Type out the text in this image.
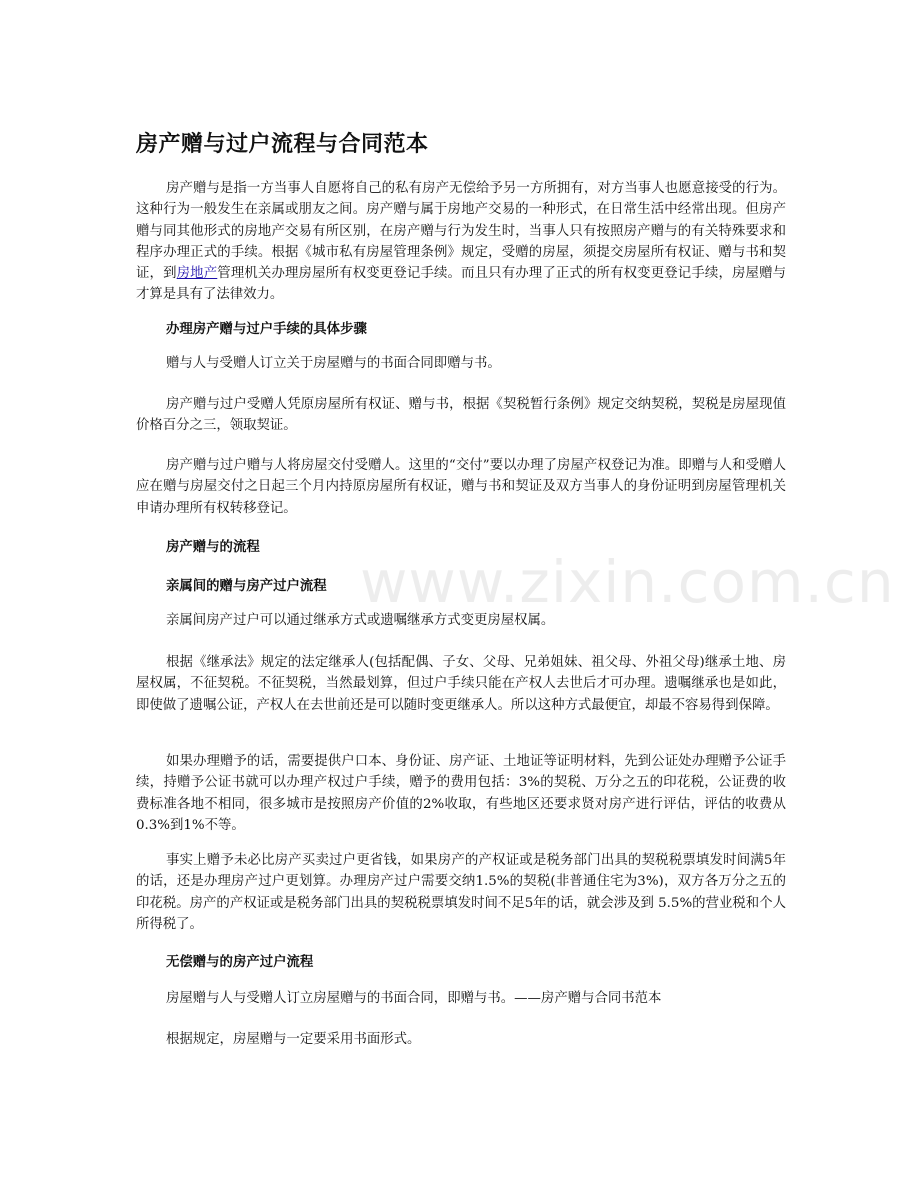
www.zixin.com.cn
房产赠与过户流程与合同范本

房产赠与是指一方当事人自愿将自己的私有房产无偿给予另一方所拥有，对方当事人也愿意接受的行为。这种行为一般发生在亲属或朋友之间。房产赠与属于房地产交易的一种形式，在日常生活中经常出现。但房产赠与同其他形式的房地产交易有所区别，在房产赠与行为发生时，当事人只有按照房产赠与的有关特殊要求和程序办理正式的手续。根据《城市私有房屋管理条例》规定，受赠的房屋，须提交房屋所有权证、赠与书和契证，到房地产管理机关办理房屋所有权变更登记手续。而且只有办理了正式的所有权变更登记手续，房屋赠与才算是具有了法律效力。

办理房产赠与过户手续的具体步骤

赠与人与受赠人订立关于房屋赠与的书面合同即赠与书。

房产赠与过户受赠人凭原房屋所有权证、赠与书，根据《契税暂行条例》规定交纳契税，契税是房屋现值价格百分之三，领取契证。

房产赠与过户赠与人将房屋交付受赠人。这里的“交付”要以办理了房屋产权登记为准。即赠与人和受赠人应在赠与房屋交付之日起三个月内持原房屋所有权证，赠与书和契证及双方当事人的身份证明到房屋管理机关申请办理所有权转移登记。

房产赠与的流程
亲属间的赠与房产过户流程

亲属间房产过户可以通过继承方式或遗嘱继承方式变更房屋权属。

根据《继承法》规定的法定继承人(包括配偶、子女、父母、兄弟姐妹、祖父母、外祖父母)继承土地、房屋权属，不征契税。不征契税，当然最划算，但过户手续只能在产权人去世后才可办理。遗嘱继承也是如此，即使做了遗嘱公证，产权人在去世前还是可以随时变更继承人。所以这种方式最便宜，却最不容易得到保障。

如果办理赠予的话，需要提供户口本、身份证、房产证、土地证等证明材料，先到公证处办理赠予公证手续，持赠予公证书就可以办理产权过户手续，赠予的费用包括：3%的契税、万分之五的印花税，公证费的收费标准各地不相同，很多城市是按照房产价值的2%收取，有些地区还要求贤对房产进行评估，评估的收费从0.3%到1%不等。

事实上赠予未必比房产买卖过户更省钱，如果房产的产权证或是税务部门出具的契税税票填发时间满5年的话，还是办理房产过户更划算。办理房产过户需要交纳1.5%的契税(非普通住宅为3%)，双方各万分之五的印花税。房产的产权证或是税务部门出具的契税税票填发时间不足5年的话，就会涉及到 5.5%的营业税和个人所得税了。

无偿赠与的房产过户流程

房屋赠与人与受赠人订立房屋赠与的书面合同，即赠与书。——房产赠与合同书范本

根据规定，房屋赠与一定要采用书面形式。
